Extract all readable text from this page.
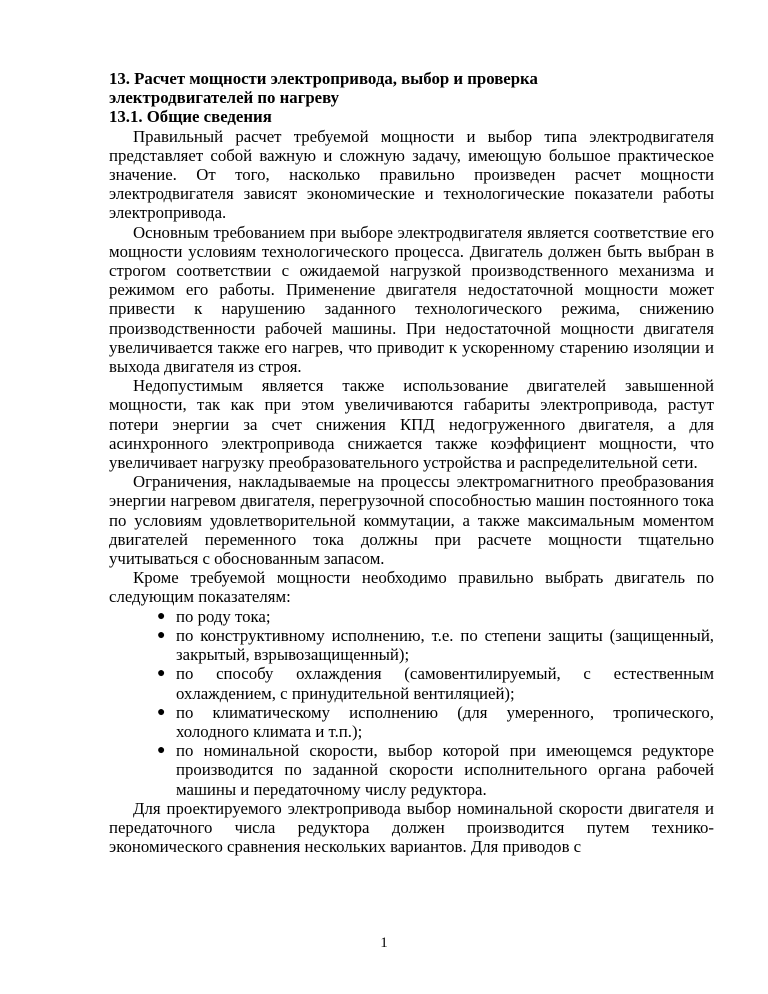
13. Расчет мощности электропривода, выбор и проверка

электродвигателей по нагреву

13.1. Общие сведения

Правильный расчет требуемой мощности и выбор типа электродвигателя представляет собой важную и сложную задачу, имеющую большое практическое значение. От того, насколько правильно произведен расчет мощности электродвигателя зависят экономические и технологические показатели работы электропривода.

Основным требованием при выборе электродвигателя является соответствие его мощности условиям технологического процесса. Двигатель должен быть выбран в строгом соответствии с ожидаемой нагрузкой производственного механизма и режимом его работы. Применение двигателя недостаточной мощности может привести к нарушению заданного технологического режима, снижению производственности рабочей машины. При недостаточной мощности двигателя увеличивается также его нагрев, что приводит к ускоренному старению изоляции и выхода двигателя из строя.

Недопустимым является также использование двигателей завышенной мощности, так как при этом увеличиваются габариты электропривода, растут потери энергии за счет снижения КПД недогруженного двигателя, а для асинхронного электропривода снижается также коэффициент мощности, что увеличивает нагрузку преобразовательного устройства и распределительной сети.

Ограничения, накладываемые на процессы электромагнитного преобразования энергии нагревом двигателя, перегрузочной способностью машин постоянного тока по условиям удовлетворительной коммутации, а также максимальным моментом двигателей переменного тока должны при расчете мощности тщательно учитываться с обоснованным запасом.

Кроме требуемой мощности необходимо правильно выбрать двигатель по следующим показателям:

● по роду тока;
● по конструктивному исполнению, т.е. по степени защиты (защищенный, закрытый, взрывозащищенный);
● по способу охлаждения (самовентилируемый, с естественным охлаждением, с принудительной вентиляцией);
● по климатическому исполнению (для умеренного, тропического, холодного климата и т.п.);
● по номинальной скорости, выбор которой при имеющемся редукторе производится по заданной скорости исполнительного органа рабочей машины и передаточному числу редуктора.

Для проектируемого электропривода выбор номинальной скорости двигателя и передаточного числа редуктора должен производится путем технико-экономического сравнения нескольких вариантов. Для приводов с

1
